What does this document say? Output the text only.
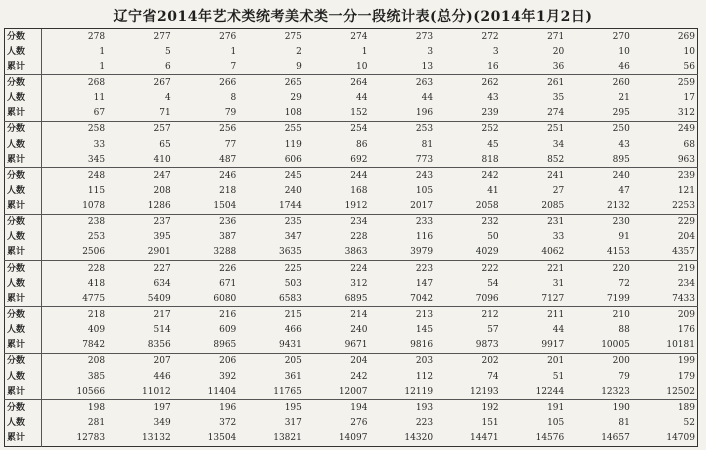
辽宁省2014年艺术类统考美术类一分一段统计表(总分)(2014年1月2日)
分数	278	277	276	275	274	273	272	271	270	269
人数	1	5	1	2	1	3	3	20	10	10
累计	1	6	7	9	10	13	16	36	46	56
分数	268	267	266	265	264	263	262	261	260	259
人数	11	4	8	29	44	44	43	35	21	17
累计	67	71	79	108	152	196	239	274	295	312
分数	258	257	256	255	254	253	252	251	250	249
人数	33	65	77	119	86	81	45	34	43	68
累计	345	410	487	606	692	773	818	852	895	963
分数	248	247	246	245	244	243	242	241	240	239
人数	115	208	218	240	168	105	41	27	47	121
累计	1078	1286	1504	1744	1912	2017	2058	2085	2132	2253
分数	238	237	236	235	234	233	232	231	230	229
人数	253	395	387	347	228	116	50	33	91	204
累计	2506	2901	3288	3635	3863	3979	4029	4062	4153	4357
分数	228	227	226	225	224	223	222	221	220	219
人数	418	634	671	503	312	147	54	31	72	234
累计	4775	5409	6080	6583	6895	7042	7096	7127	7199	7433
分数	218	217	216	215	214	213	212	211	210	209
人数	409	514	609	466	240	145	57	44	88	176
累计	7842	8356	8965	9431	9671	9816	9873	9917	10005	10181
分数	208	207	206	205	204	203	202	201	200	199
人数	385	446	392	361	242	112	74	51	79	179
累计	10566	11012	11404	11765	12007	12119	12193	12244	12323	12502
分数	198	197	196	195	194	193	192	191	190	189
人数	281	349	372	317	276	223	151	105	81	52
累计	12783	13132	13504	13821	14097	14320	14471	14576	14657	14709
